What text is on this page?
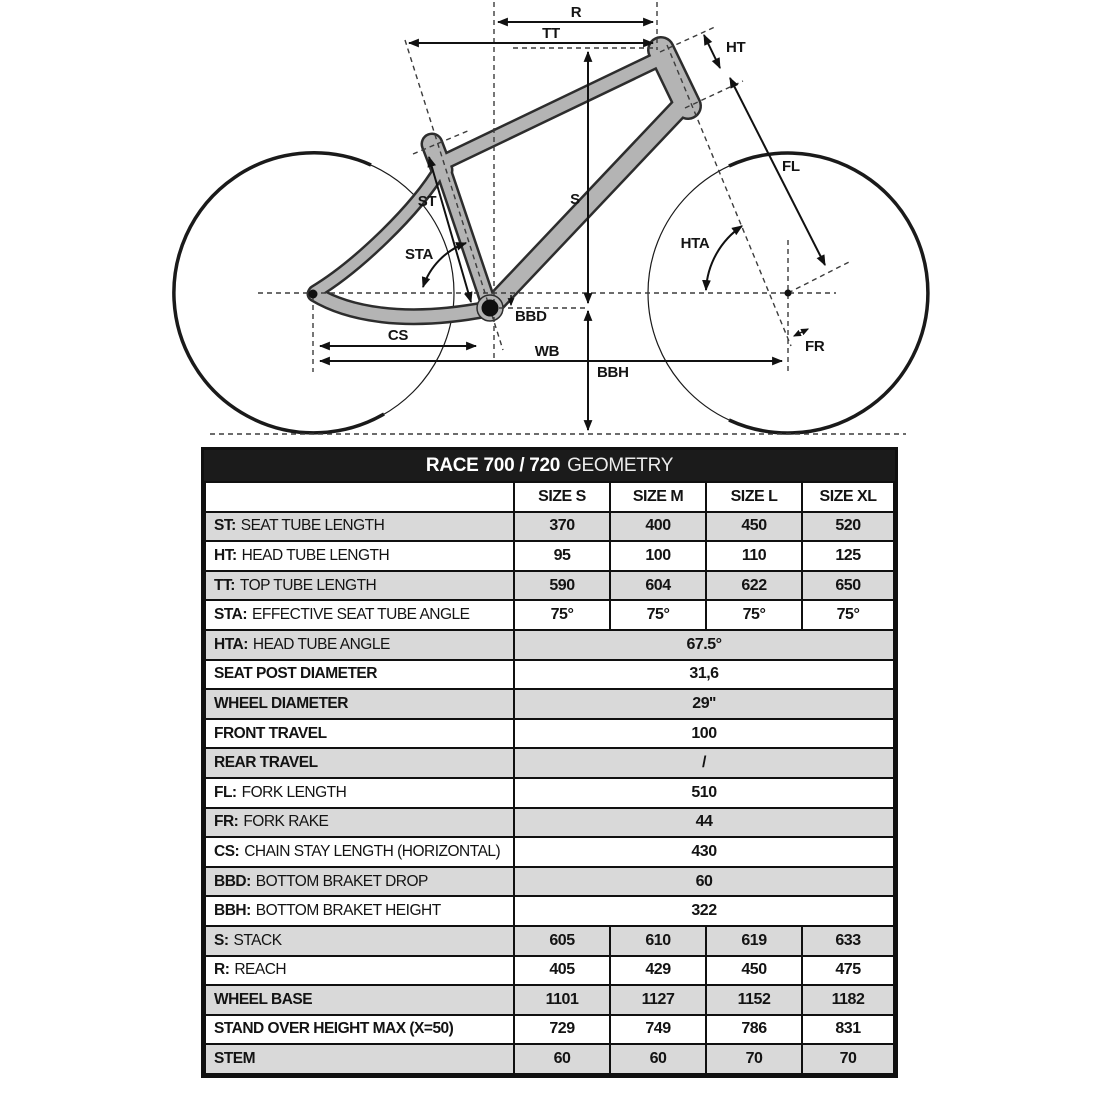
R
TT
HT
ST
STA
S
FL
HTA
BBD
CS
WB
BBH
FR
RACE 700 / 720 GEOMETRY
	SIZE S	SIZE M	SIZE L	SIZE XL
ST: SEAT TUBE LENGTH	370	400	450	520
HT: HEAD TUBE LENGTH	95	100	110	125
TT: TOP TUBE LENGTH	590	604	622	650
STA: EFFECTIVE SEAT TUBE ANGLE	75°	75°	75°	75°
HTA: HEAD TUBE ANGLE	67.5°			
SEAT POST DIAMETER	31,6			
WHEEL DIAMETER	29''			
FRONT TRAVEL	100			
REAR TRAVEL	/			
FL: FORK LENGTH	510			
FR: FORK RAKE	44			
CS: CHAIN STAY LENGTH (HORIZONTAL)	430			
BBD: BOTTOM BRAKET DROP	60			
BBH: BOTTOM BRAKET HEIGHT	322			
S: STACK	605	610	619	633
R: REACH	405	429	450	475
WHEEL BASE	1101	1127	1152	1182
STAND OVER HEIGHT MAX (X=50)	729	749	786	831
STEM	60	60	70	70
